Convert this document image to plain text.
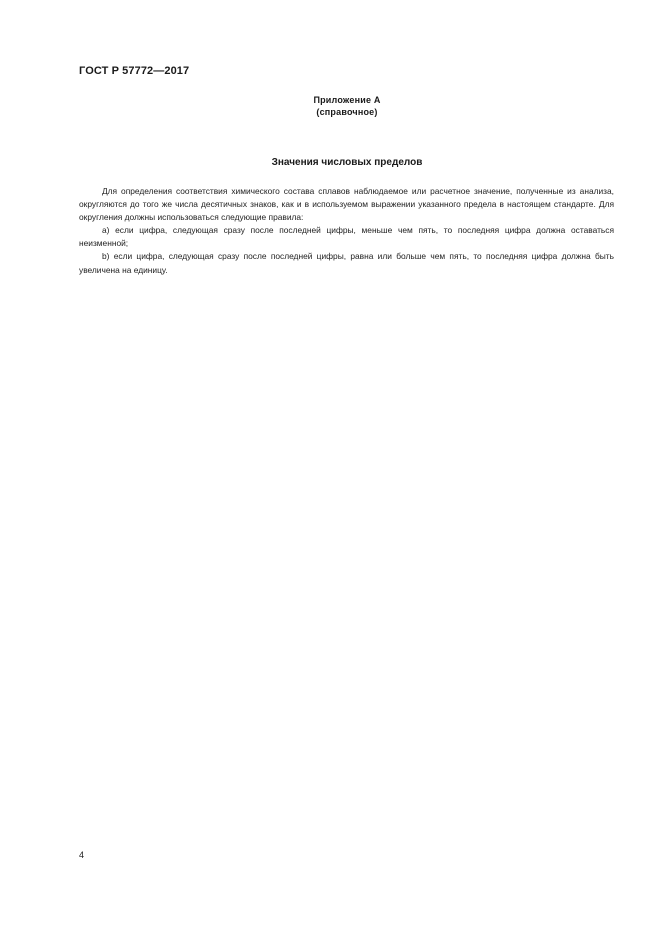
ГОСТ Р 57772—2017
Приложение А
(справочное)
Значения числовых пределов

Для определения соответствия химического состава сплавов наблюдаемое или расчетное значение, полученные из анализа, округляются до того же числа десятичных знаков, как и в используемом выражении указанного предела в настоящем стандарте. Для округления должны использоваться следующие правила:

a) если цифра, следующая сразу после последней цифры, меньше чем пять, то последняя цифра должна оставаться неизменной;

b) если цифра, следующая сразу после последней цифры, равна или больше чем пять, то последняя цифра должна быть увеличена на единицу.

4
